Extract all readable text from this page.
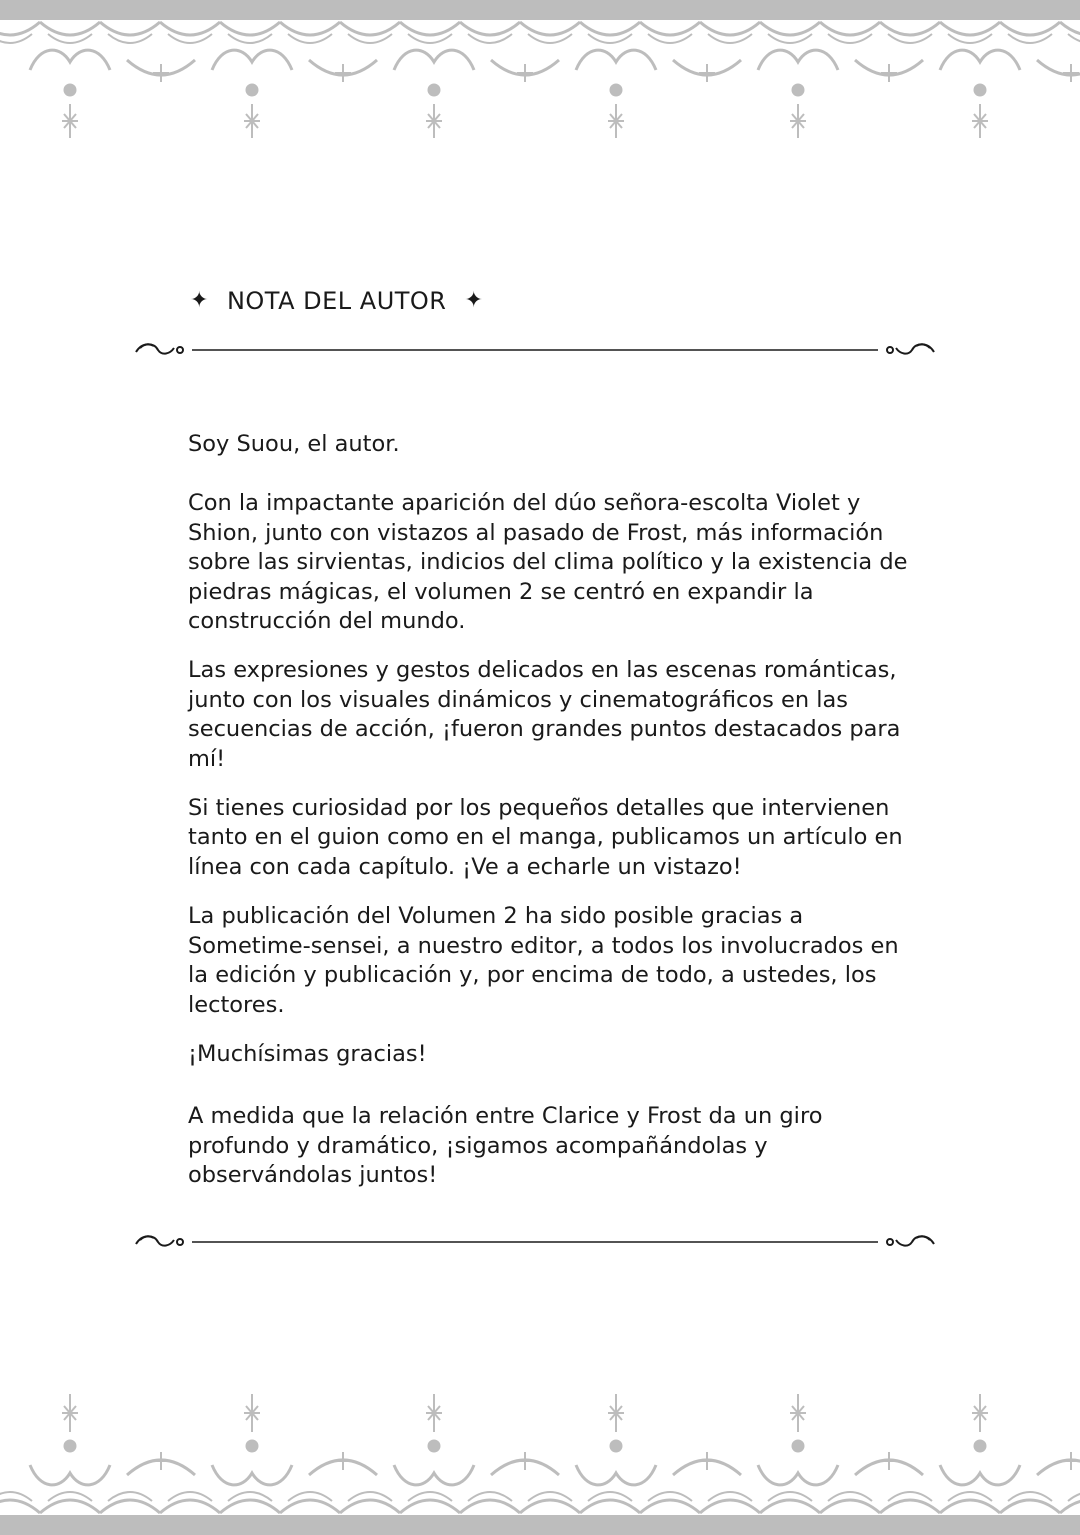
✦ NOTA DEL AUTOR ✦

Soy Suou, el autor.

Con la impactante aparición del dúo señora-escolta Violet y Shion, junto con vistazos al pasado de Frost, más información sobre las sirvientas, indicios del clima político y la existencia de piedras mágicas, el volumen 2 se centró en expandir la construcción del mundo.

Las expresiones y gestos delicados en las escenas románticas, junto con los visuales dinámicos y cinematográficos en las secuencias de acción, ¡fueron grandes puntos destacados para mí!

Si tienes curiosidad por los pequeños detalles que intervienen tanto en el guion como en el manga, publicamos un artículo en línea con cada capítulo. ¡Ve a echarle un vistazo!

La publicación del Volumen 2 ha sido posible gracias a Sometime-sensei, a nuestro editor, a todos los involucrados en la edición y publicación y, por encima de todo, a ustedes, los lectores.

¡Muchísimas gracias!

A medida que la relación entre Clarice y Frost da un giro profundo y dramático, ¡sigamos acompañándolas y observándolas juntos!
